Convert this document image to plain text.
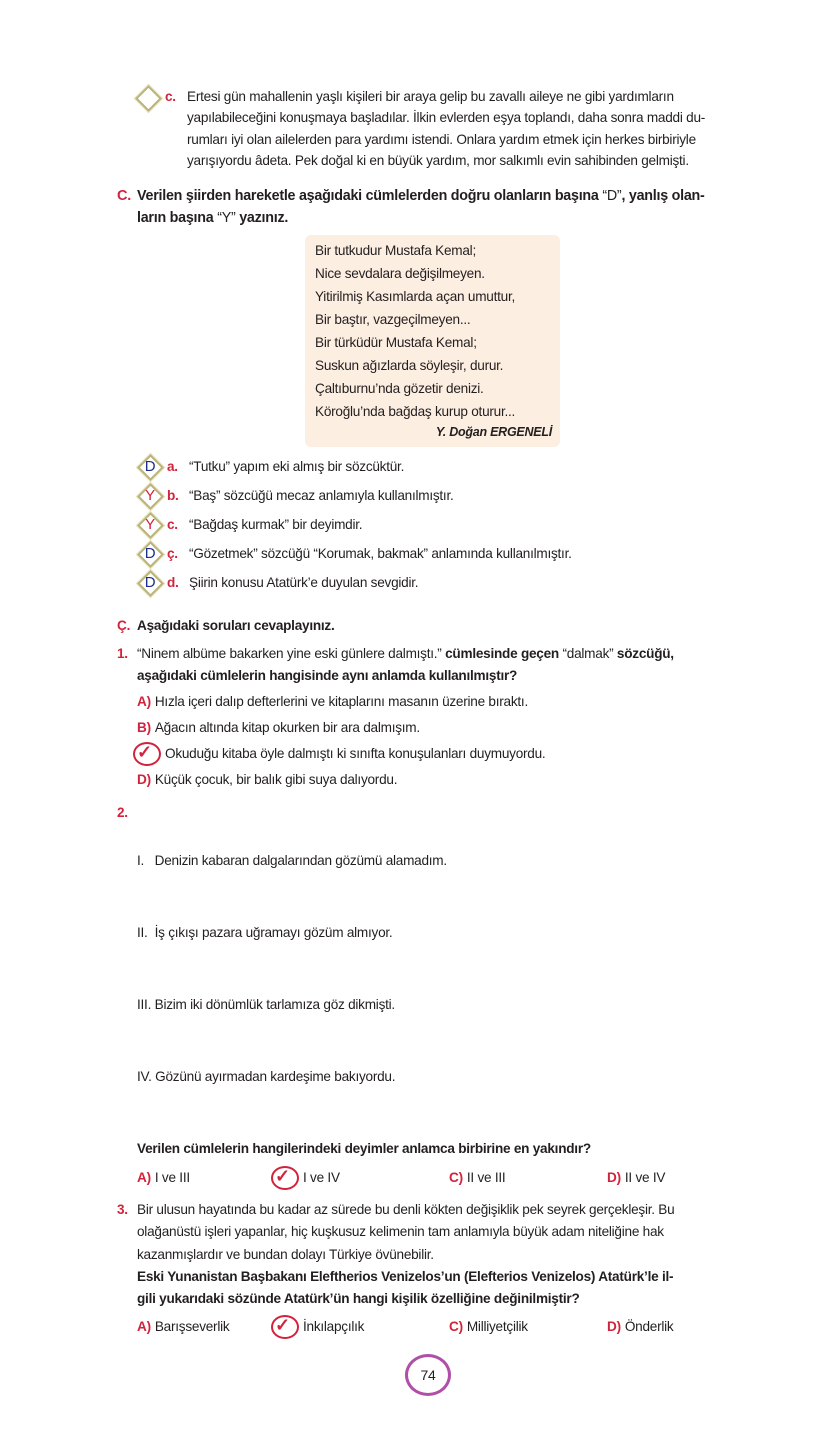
c. Ertesi gün mahallenin yaşlı kişileri bir araya gelip bu zavallı aileye ne gibi yardımların
yapılabileceğini konuşmaya başladılar. İlkin evlerden eşya toplandı, daha sonra maddi du-
rumları iyi olan ailelerden para yardımı istendi. Onlara yardım etmek için herkes birbiriyle
yarışıyordu âdeta. Pek doğal ki en büyük yardım, mor salkımlı evin sahibinden gelmişti.
C. Verilen şiirden hareketle aşağıdaki cümlelerden doğru olanların başına “D”, yanlış olan-
ların başına “Y” yazınız.
Bir tutkudur Mustafa Kemal;
Nice sevdalara değişilmeyen.
Yitirilmiş Kasımlarda açan umuttur,
Bir baştır, vazgeçilmeyen...
Bir türküdür Mustafa Kemal;
Suskun ağızlarda söyleşir, durur.
Çaltıburnu’nda gözetir denizi.
Köroğlu’nda bağdaş kurup oturur...
Y. Doğan ERGENELİ
D a. “Tutku” yapım eki almış bir sözcüktür.
Y b. “Baş” sözcüğü mecaz anlamıyla kullanılmıştır.
Y c. “Bağdaş kurmak” bir deyimdir.
D ç. “Gözetmek” sözcüğü “Korumak, bakmak” anlamında kullanılmıştır.
D d. Şiirin konusu Atatürk’e duyulan sevgidir.
Ç. Aşağıdaki soruları cevaplayınız.
1. “Ninem albüme bakarken yine eski günlere dalmıştı.” cümlesinde geçen “dalmak” sözcüğü,
aşağıdaki cümlelerin hangisinde aynı anlamda kullanılmıştır?
A) Hızla içeri dalıp defterlerini ve kitaplarını masanın üzerine bıraktı.
B) Ağacın altında kitap okurken bir ara dalmışım.
✓ Okuduğu kitaba öyle dalmıştı ki sınıfta konuşulanları duymuyordu.
D) Küçük çocuk, bir balık gibi suya dalıyordu.
2.

I.   Denizin kabaran dalgalarından gözümü alamadım.

II.  İş çıkışı pazara uğramayı gözüm almıyor.

III. Bizim iki dönümlük tarlamıza göz dikmişti.

IV. Gözünü ayırmadan kardeşime bakıyordu.

Verilen cümlelerin hangilerindeki deyimler anlamca birbirine en yakındır?
A) I ve III	✓ I ve IV	C) II ve III	D) II ve IV
3. Bir ulusun hayatında bu kadar az sürede bu denli kökten değişiklik pek seyrek gerçekleşir. Bu
olağanüstü işleri yapanlar, hiç kuşkusuz kelimenin tam anlamıyla büyük adam niteliğine hak
kazanmışlardır ve bundan dolayı Türkiye övünebilir.
Eski Yunanistan Başbakanı Eleftherios Venizelos’un (Elefterios Venizelos) Atatürk’le il-
gili yukarıdaki sözünde Atatürk’ün hangi kişilik özelliğine değinilmiştir?
A) Barışseverlik	✓ İnkılapçılık	C) Milliyetçilik	D) Önderlik
74
